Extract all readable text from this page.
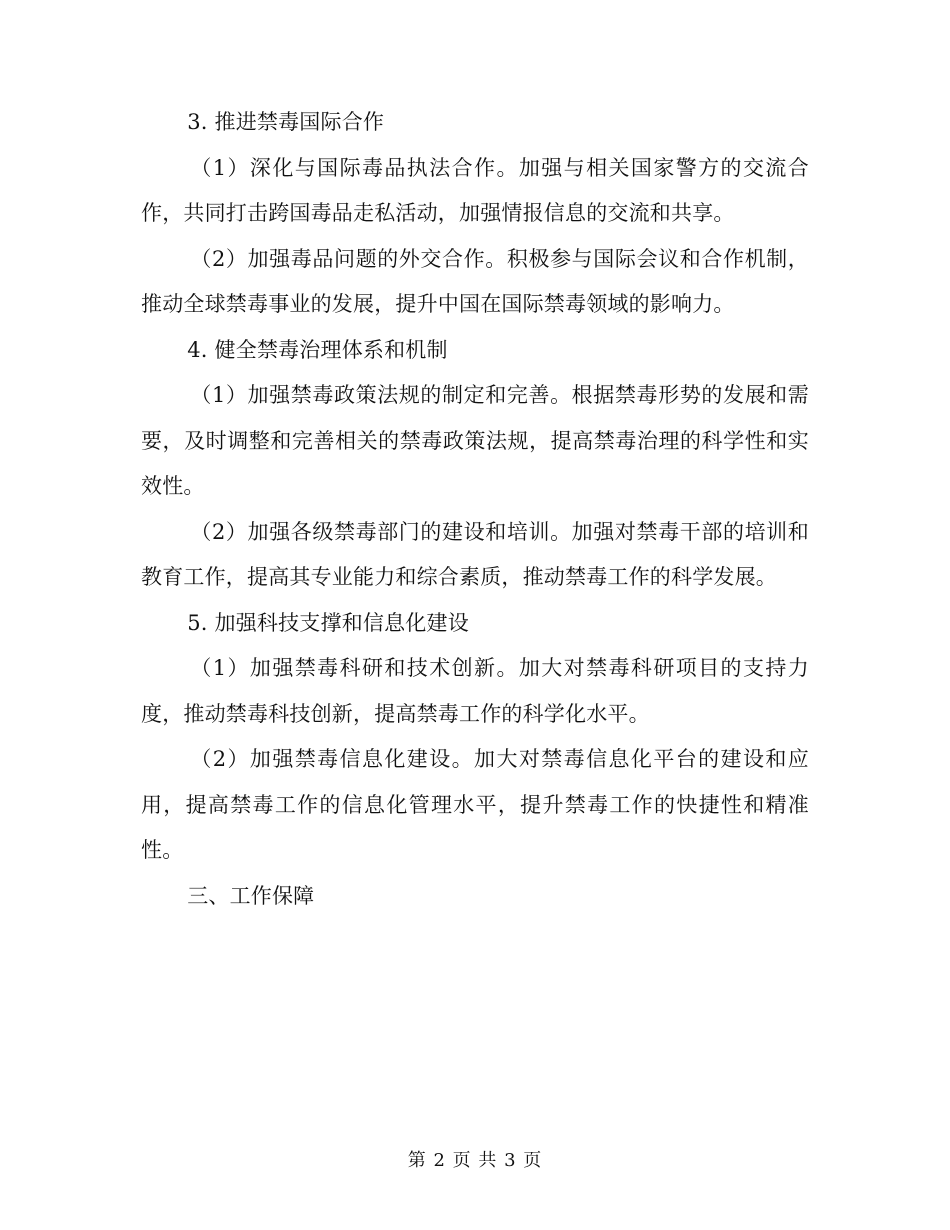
3. 推进禁毒国际合作

（1）深化与国际毒品执法合作。加强与相关国家警方的交流合作，共同打击跨国毒品走私活动，加强情报信息的交流和共享。

（2）加强毒品问题的外交合作。积极参与国际会议和合作机制，推动全球禁毒事业的发展，提升中国在国际禁毒领域的影响力。

4. 健全禁毒治理体系和机制

（1）加强禁毒政策法规的制定和完善。根据禁毒形势的发展和需要，及时调整和完善相关的禁毒政策法规，提高禁毒治理的科学性和实效性。

（2）加强各级禁毒部门的建设和培训。加强对禁毒干部的培训和教育工作，提高其专业能力和综合素质，推动禁毒工作的科学发展。

5. 加强科技支撑和信息化建设

（1）加强禁毒科研和技术创新。加大对禁毒科研项目的支持力度，推动禁毒科技创新，提高禁毒工作的科学化水平。

（2）加强禁毒信息化建设。加大对禁毒信息化平台的建设和应用，提高禁毒工作的信息化管理水平，提升禁毒工作的快捷性和精准性。

三、工作保障

第 2 页 共 3 页
